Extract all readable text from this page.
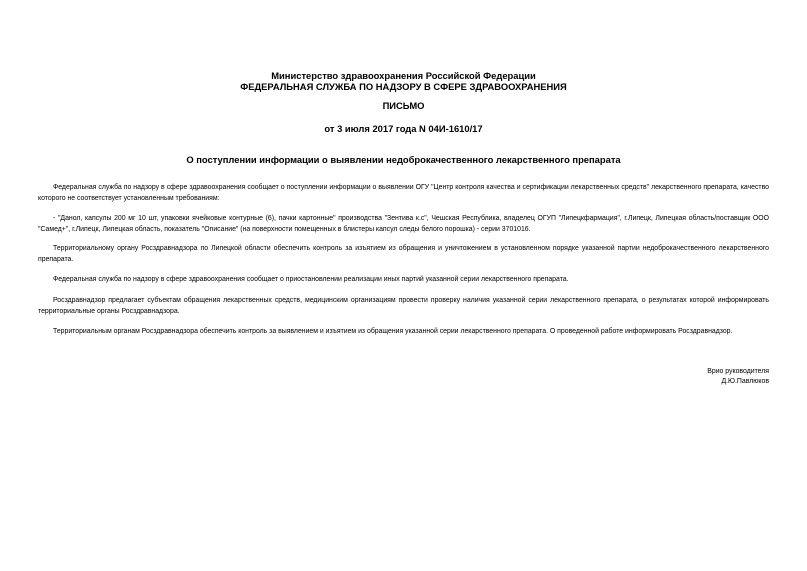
Министерство здравоохранения Российской Федерации
ФЕДЕРАЛЬНАЯ СЛУЖБА ПО НАДЗОРУ В СФЕРЕ ЗДРАВООХРАНЕНИЯ
ПИСЬМО
от 3 июля 2017 года N 04И-1610/17
О поступлении информации о выявлении недоброкачественного лекарственного препарата
Федеральная служба по надзору в сфере здравоохранения сообщает о поступлении информации о выявлении ОГУ "Центр контроля качества и сертификации лекарственных средств" лекарственного препарата, качество которого не соответствует установленным требованиям:
- "Данол, капсулы 200 мг 10 шт, упаковки ячейковые контурные (6), пачки картонные" производства "Зентива к.с", Чешская Республика, владелец ОГУП "Липецкфармация", г.Липецк, Липецкая область/поставщик ООО "Самед+", г.Липецк, Липецкая область, показатель "Описание" (на поверхности помещенных в блистеры капсул следы белого порошка) - серии 3701016.
Территориальному органу Росздравнадзора по Липецкой области обеспечить контроль за изъятием из обращения и уничтожением в установленном порядке указанной партии недоброкачественного лекарственного препарата.
Федеральная служба по надзору в сфере здравоохранения сообщает о приостановлении реализации иных партий указанной серии лекарственного препарата.
Росздравнадзор предлагает субъектам обращения лекарственных средств, медицинским организациям провести проверку наличия указанной серии лекарственного препарата, о результатах которой информировать территориальные органы Росздравнадзора.
Территориальным органам Росздравнадзора обеспечить контроль за выявлением и изъятием из обращения указанной серии лекарственного препарата. О проведенной работе информировать Росздравнадзор.
Врио руководителя
Д.Ю.Павлюков
